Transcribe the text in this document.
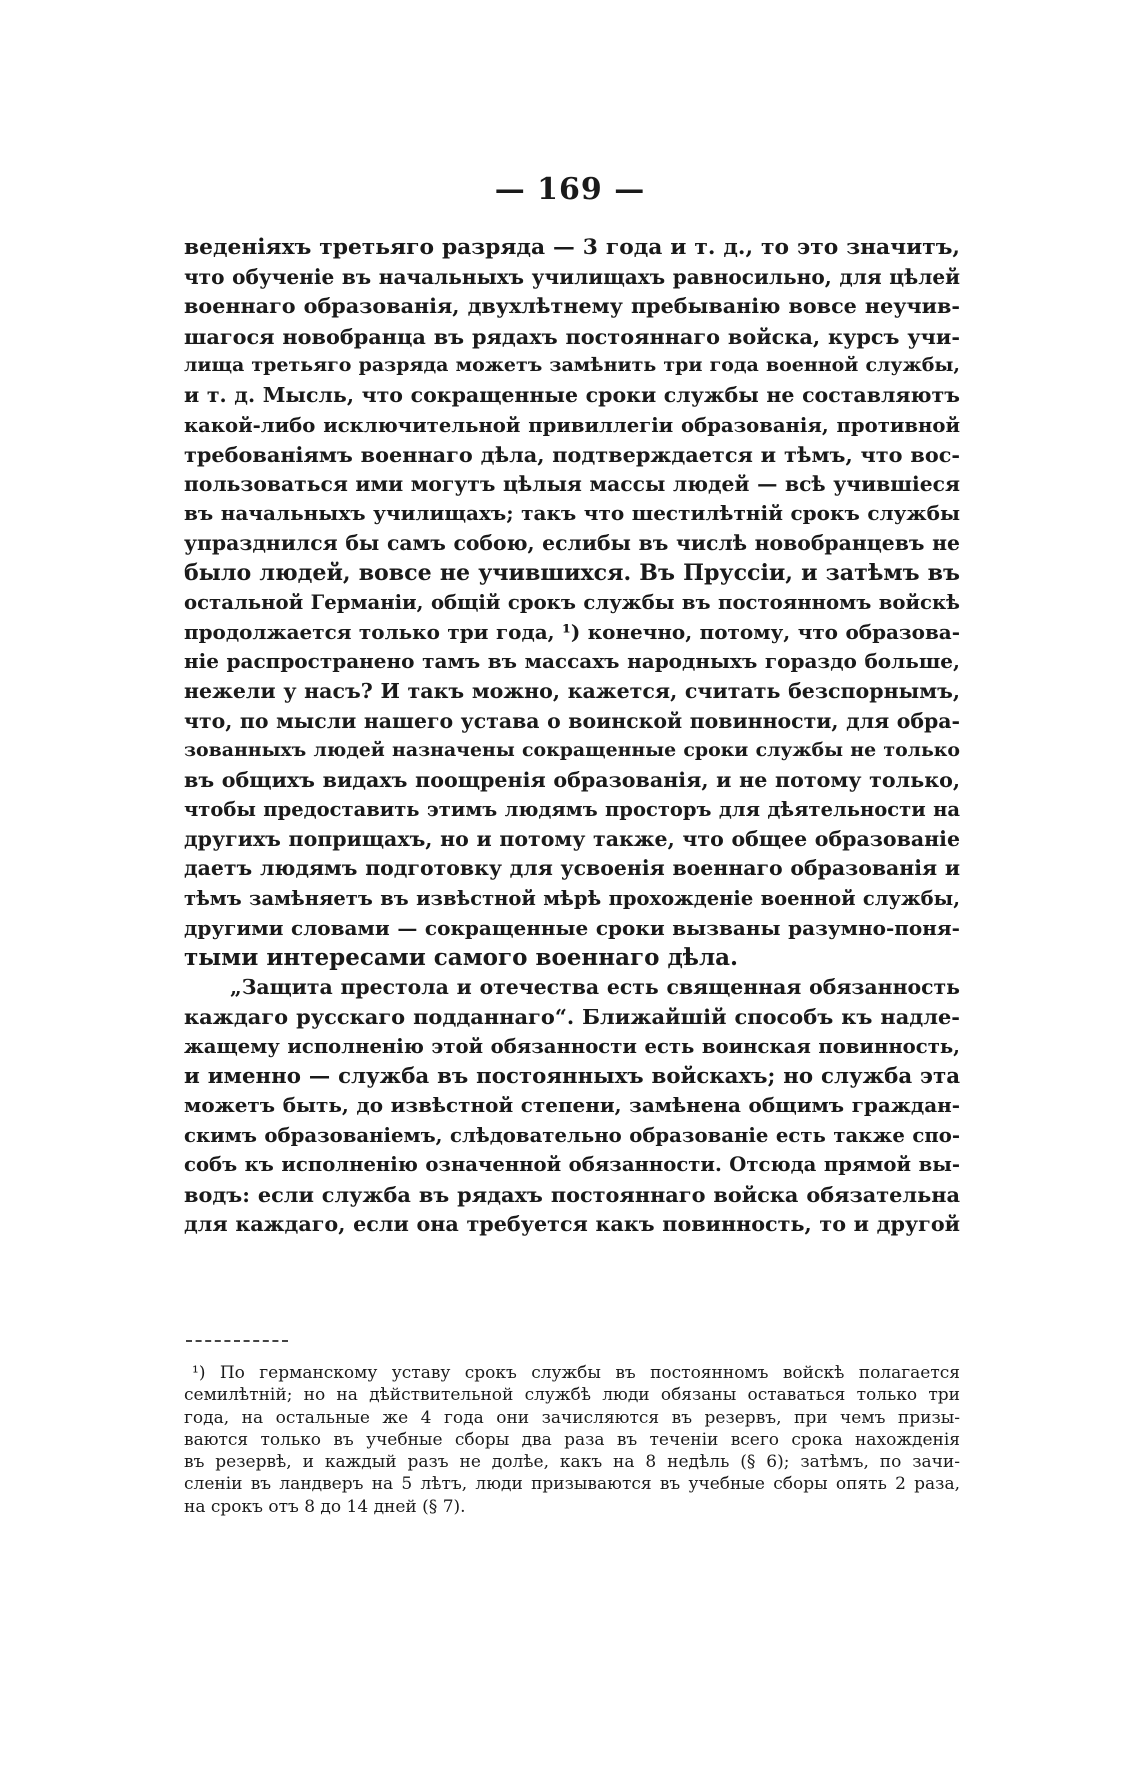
— 169 —
веденіяхъ третьяго разряда — 3 года и т. д., то это значитъ,
что обученіе въ начальныхъ училищахъ равносильно, для цѣлей
военнаго образованія, двухлѣтнему пребыванію вовсе неучив-
шагося новобранца въ рядахъ постояннаго войска, курсъ учи-
лища третьяго разряда можетъ замѣнить три года военной службы,
и т. д. Мысль, что сокращенные сроки службы не составляютъ
какой-либо исключительной привиллегіи образованія, противной
требованіямъ военнаго дѣла, подтверждается и тѣмъ, что вос-
пользоваться ими могутъ цѣлыя массы людей — всѣ учившіеся
въ начальныхъ училищахъ; такъ что шестилѣтній срокъ службы
упразднился бы самъ собою, еслибы въ числѣ новобранцевъ не
было людей, вовсе не учившихся. Въ Пруссіи, и затѣмъ въ
остальной Германіи, общій срокъ службы въ постоянномъ войскѣ
продолжается только три года, ¹) конечно, потому, что образова-
ніе распространено тамъ въ массахъ народныхъ гораздо больше,
нежели у насъ? И такъ можно, кажется, считать безспорнымъ,
что, по мысли нашего устава о воинской повинности, для обра-
зованныхъ людей назначены сокращенные сроки службы не только
въ общихъ видахъ поощренія образованія, и не потому только,
чтобы предоставить этимъ людямъ просторъ для дѣятельности на
другихъ поприщахъ, но и потому также, что общее образованіе
даетъ людямъ подготовку для усвоенія военнаго образованія и
тѣмъ замѣняетъ въ извѣстной мѣрѣ прохожденіе военной службы,
другими словами — сокращенные сроки вызваны разумно-поня-
тыми интересами самого военнаго дѣла.
„Защита престола и отечества есть священная обязанность
каждаго русскаго подданнаго“. Ближайшій способъ къ надле-
жащему исполненію этой обязанности есть воинская повинность,
и именно — служба въ постоянныхъ войскахъ; но служба эта
можетъ быть, до извѣстной степени, замѣнена общимъ граждан-
скимъ образованіемъ, слѣдовательно образованіе есть также спо-
собъ къ исполненію означенной обязанности. Отсюда прямой вы-
водъ: если служба въ рядахъ постояннаго войска обязательна
для каждаго, если она требуется какъ повинность, то и другой
¹) По германскому уставу срокъ службы въ постоянномъ войскѣ полагается
семилѣтній; но на дѣйствительной службѣ люди обязаны оставаться только три
года, на остальные же 4 года они зачисляются въ резервъ, при чемъ призы-
ваются только въ учебные сборы два раза въ теченіи всего срока нахожденія
въ резервѣ, и каждый разъ не долѣе, какъ на 8 недѣль (§ 6); затѣмъ, по зачи-
сленіи въ ландверъ на 5 лѣтъ, люди призываются въ учебные сборы опять 2 раза,
на срокъ отъ 8 до 14 дней (§ 7).
